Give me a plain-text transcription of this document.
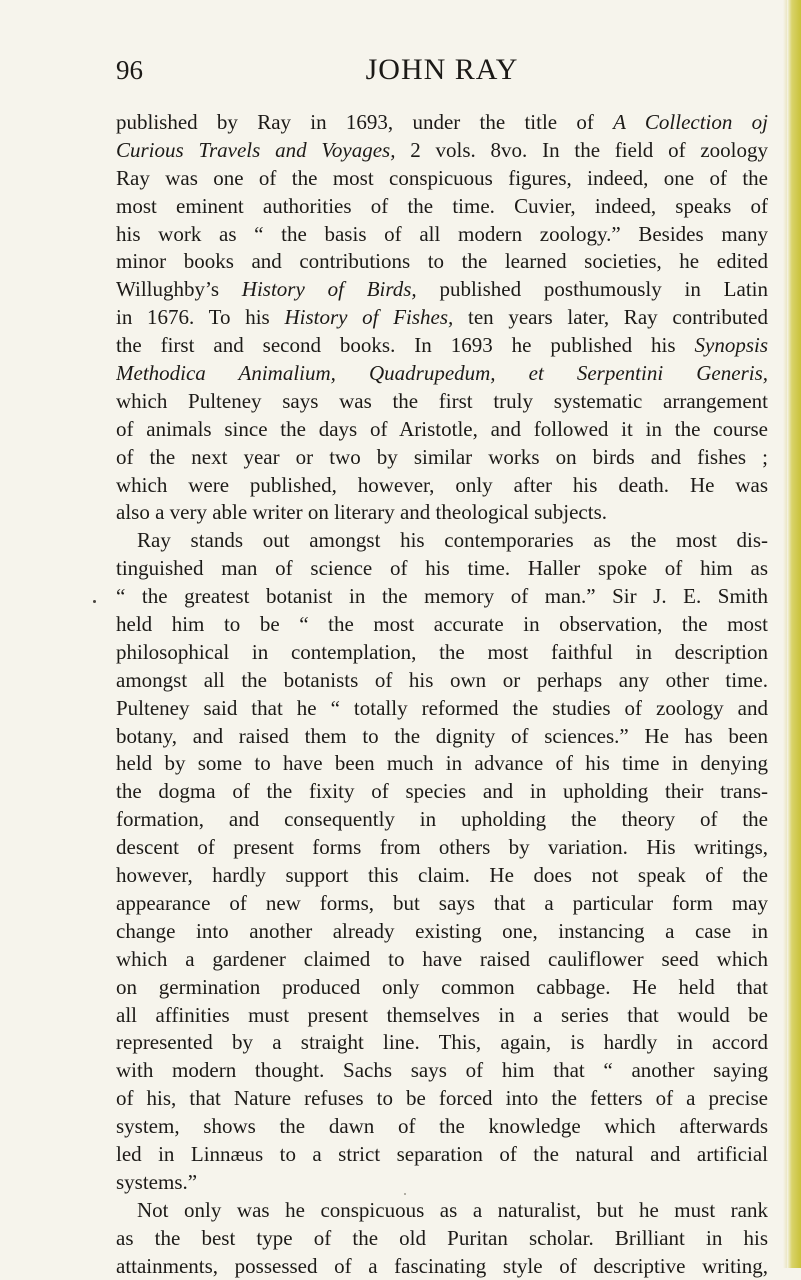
96	JOHN RAY
published by Ray in 1693, under the title of A Collection oj
Curious Travels and Voyages, 2 vols. 8vo. In the field of zoology
Ray was one of the most conspicuous figures, indeed, one of the
most eminent authorities of the time. Cuvier, indeed, speaks of
his work as “ the basis of all modern zoology.” Besides many
minor books and contributions to the learned societies, he edited
Willughby’s History of Birds, published posthumously in Latin
in 1676. To his History of Fishes, ten years later, Ray contributed
the first and second books. In 1693 he published his Synopsis
Methodica Animalium, Quadrupedum, et Serpentini Generis,
which Pulteney says was the first truly systematic arrangement
of animals since the days of Aristotle, and followed it in the course
of the next year or two by similar works on birds and fishes ;
which were published, however, only after his death. He was
also a very able writer on literary and theological subjects.
Ray stands out amongst his contemporaries as the most dis-
tinguished man of science of his time. Haller spoke of him as
“ the greatest botanist in the memory of man.” Sir J. E. Smith
held him to be “ the most accurate in observation, the most
philosophical in contemplation, the most faithful in description
amongst all the botanists of his own or perhaps any other time.
Pulteney said that he “ totally reformed the studies of zoology and
botany, and raised them to the dignity of sciences.” He has been
held by some to have been much in advance of his time in denying
the dogma of the fixity of species and in upholding their trans-
formation, and consequently in upholding the theory of the
descent of present forms from others by variation. His writings,
however, hardly support this claim. He does not speak of the
appearance of new forms, but says that a particular form may
change into another already existing one, instancing a case in
which a gardener claimed to have raised cauliflower seed which
on germination produced only common cabbage. He held that
all affinities must present themselves in a series that would be
represented by a straight line. This, again, is hardly in accord
with modern thought. Sachs says of him that “ another saying
of his, that Nature refuses to be forced into the fetters of a precise
system, shows the dawn of the knowledge which afterwards
led in Linnæus to a strict separation of the natural and artificial
systems.”
Not only was he conspicuous as a naturalist, but he must rank
as the best type of the old Puritan scholar. Brilliant in his
attainments, possessed of a fascinating style of descriptive writing,
